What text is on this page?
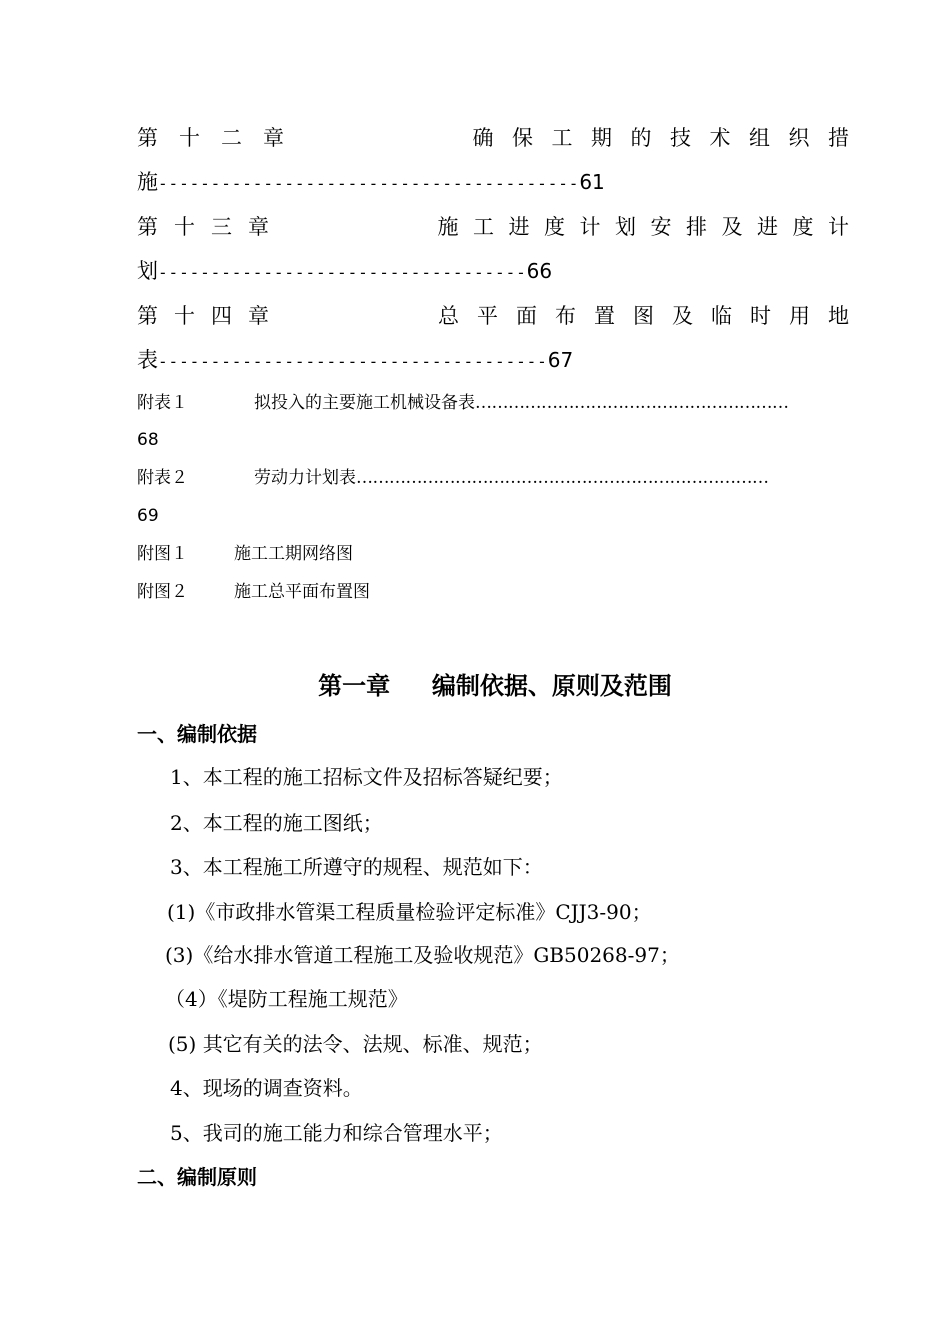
第 十 二 章	确 保 工 期 的 技 术 组 织 措
施----------------------------------------61
第 十 三 章	施 工 进 度 计 划 安 排 及 进 度 计
划-----------------------------------66
第 十 四 章	总 平 面 布 置 图 及 临 时 用 地
表-------------------------------------67
附表１	拟投入的主要施工机械设备表…………………………………………………
68
附表２	劳动力计划表…………………………………………………………………
69
附图１	施工工期网络图
附图２	施工总平面布置图
第一章     编制依据、原则及范围
一、编制依据
1、本工程的施工招标文件及招标答疑纪要；
2、本工程的施工图纸；
3、本工程施工所遵守的规程、规范如下：
(1)《市政排水管渠工程质量检验评定标准》CJJ3-90；
(3)《给水排水管道工程施工及验收规范》GB50268-97；
（4）《堤防工程施工规范》
(5) 其它有关的法令、法规、标准、规范；
4、现场的调查资料。
5、我司的施工能力和综合管理水平；
二、编制原则
